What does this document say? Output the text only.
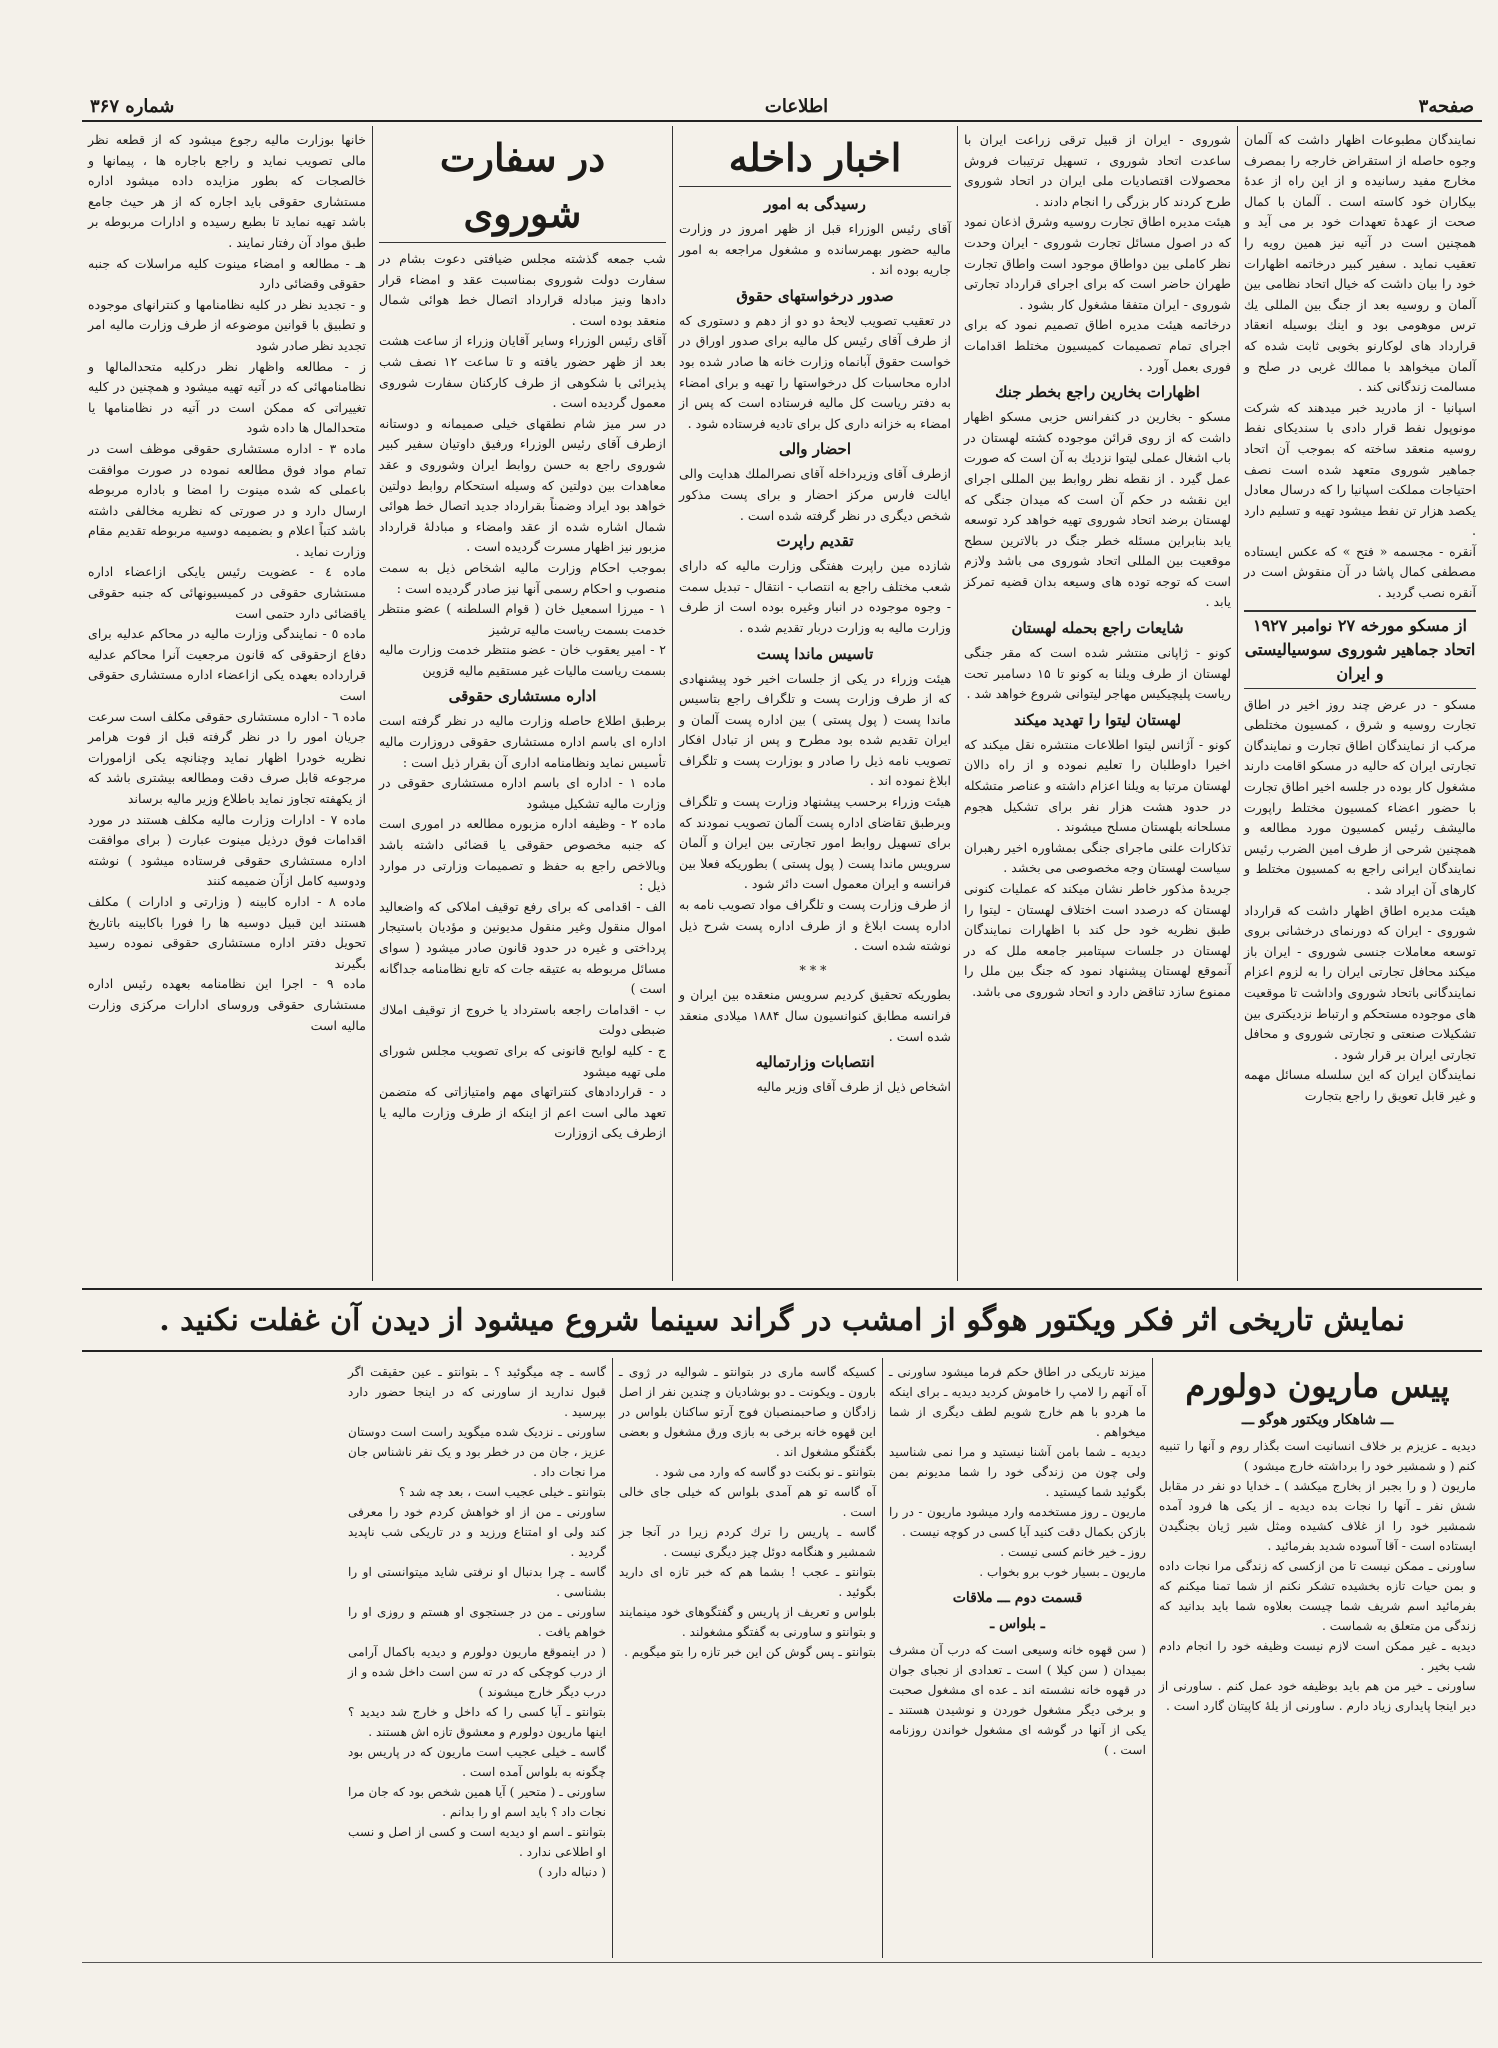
صفحه۳
اطلاعات
شماره ۳۶۷

نمایندگان مطبوعات اظهار داشت که آلمان وجوه حاصله از استقراض خارجه را بمصرف مخارج مفید رسانیده و از این راه از عدهٔ بیکاران خود کاسته است . آلمان با کمال صحت از عهدهٔ تعهدات خود بر می آید و همچنین است در آتیه نیز همین رویه را تعقیب نماید . سفیر کبیر درخاتمه اظهارات خود را بیان داشت که خیال اتحاد نظامی بین آلمان و روسیه بعد از جنگ بین المللی یك ترس موهومی بود و اینك بوسیله انعقاد قرارداد های لوکارنو بخوبی ثابت شده که آلمان میخواهد با ممالك غربی در صلح و مسالمت زندگانی کند .

اسپانیا - از مادرید خبر میدهند که شرکت مونوپول نفط قرار دادی با سندیکای نفط روسیه منعقد ساخته که بموجب آن اتحاد جماهیر شوروی متعهد شده است نصف احتیاجات مملکت اسپانیا را که درسال معادل یکصد هزار تن نفط میشود تهیه و تسلیم دارد .

آنقره - مجسمه « فتح » که عکس ایستاده مصطفی کمال پاشا در آن منقوش است در آنقره نصب گردید .

از مسکو مورخه ۲۷ نوامبر ۱۹۲۷ اتحاد جماهیر شوروی سوسیالیستی و ایران

مسکو - در عرض چند روز اخیر در اطاق تجارت روسیه و شرق ، کمسیون مختلطی مرکب از نمایندگان اطاق تجارت و نمایندگان تجارتی ایران که حالیه در مسکو اقامت دارند مشغول کار بوده در جلسه اخیر اطاق تجارت با حضور اعضاء کمسیون مختلط راپورت مالیشف رئیس کمسیون مورد مطالعه و همچنین شرحی از طرف امین الضرب رئیس نمایندگان ایرانی راجع به کمسیون مختلط و کارهای آن ایراد شد .

هیئت مدیره اطاق اظهار داشت که قرارداد شوروی - ایران که دورنمای درخشانی بروی توسعه معاملات جنسی شوروی - ایران باز میکند محافل تجارتی ایران را به لزوم اعزام نمایندگانی باتحاد شوروی واداشت تا موقعیت های موجوده مستحکم و ارتباط نزدیکتری بین تشکیلات صنعتی و تجارتی شوروی و محافل تجارتی ایران بر قرار شود .

نمایندگان ایران که این سلسله مسائل مهمه و غیر قابل تعویق را راجع بتجارت

شوروی - ایران از قبیل ترقی زراعت ایران با ساعدت اتحاد شوروی ، تسهیل ترتیبات فروش محصولات اقتصادیات ملی ایران در اتحاد شوروی طرح کردند کار بزرگی را انجام دادند .

هیئت مدیره اطاق تجارت روسیه وشرق اذعان نمود که در اصول مسائل تجارت شوروی - ایران وحدت نظر کاملی بین دواطاق موجود است واطاق تجارت طهران حاضر است که برای اجرای قرارداد تجارتی شوروی - ایران متفقا مشغول کار بشود .

درخاتمه هیئت مدیره اطاق تصمیم نمود که برای اجرای تمام تصمیمات کمیسیون مختلط اقدامات فوری بعمل آورد .

اظهارات بخارین راجع بخطر جنك

مسکو - بخارین در کنفرانس حزبی مسکو اظهار داشت که از روی قرائن موجوده کشته لهستان در باب اشغال عملی لیتوا نزدیك به آن است که صورت عمل گیرد . از نقطه نظر روابط بین المللی اجرای این نقشه در حکم آن است که میدان جنگی که لهستان برضد اتحاد شوروی تهیه خواهد کرد توسعه یابد بنابراین مسئله خطر جنگ در بالاترین سطح موقعیت بین المللی اتحاد شوروی می باشد ولازم است که توجه توده های وسیعه بدان قضیه تمرکز یابد .

شایعات راجع بحمله لهستان

کونو - ژاپانی منتشر شده است که مقر جنگی لهستان از طرف ویلنا به کونو تا ۱۵ دسامبر تحت ریاست پلیچیکیس مهاجر لیتوانی شروع خواهد شد .

لهستان لیتوا را تهدید میکند

کونو - آژانس لیتوا اطلاعات منتشره نقل میکند که اخیرا داوطلبان را تعلیم نموده و از راه دالان لهستان مرتبا به ویلنا اعزام داشته و عناصر متشکله در حدود هشت هزار نفر برای تشکیل هجوم مسلحانه بلهستان مسلح میشوند .

تذکارات علنی ماجرای جنگی بمشاوره اخیر رهبران سیاست لهستان وجه مخصوصی می بخشد .

جریدهٔ مذکور خاطر نشان میکند که عملیات کنونی لهستان که درصدد است اختلاف لهستان - لیتوا را طبق نظریه خود حل کند با اظهارات نمایندگان لهستان در جلسات سپتامبر جامعه ملل که در آنموقع لهستان پیشنهاد نمود که جنگ بین ملل را ممنوع سازد تناقض دارد و اتحاد شوروی می باشد.

اخبار داخله
رسیدگی به امور

آقای رئیس الوزراء قبل از ظهر امروز در وزارت مالیه حضور بهمرسانده و مشغول مراجعه به امور جاریه بوده اند .

صدور درخواستهای حقوق

در تعقیب تصویب لایحهٔ دو دو از دهم و دستوری که از طرف آقای رئیس کل مالیه برای صدور اوراق در خواست حقوق آبانماه وزارت خانه ها صادر شده بود اداره محاسبات کل درخواستها را تهیه و برای امضاء به دفتر ریاست کل مالیه فرستاده است که پس از امضاء به خزانه داری کل برای تادیه فرستاده شود .

احضار والی

ازطرف آقای وزیرداخله آقای نصرالملك هدایت والی ایالت فارس مرکز احضار و برای پست مذکور شخص دیگری در نظر گرفته شده است .

تقدیم راپرت

شازده مین راپرت هفتگی وزارت مالیه که دارای شعب مختلف راجع به انتصاب - انتقال - تبدیل سمت - وجوه موجوده در انبار وغیره بوده است از طرف وزارت مالیه به وزارت دربار تقدیم شده .

تاسیس ماندا پست

هیئت وزراء در یکی از جلسات اخیر خود پیشنهادی که از طرف وزارت پست و تلگراف راجع بتاسیس ماندا پست ( پول پستی ) بین اداره پست آلمان و ایران تقدیم شده بود مطرح و پس از تبادل افکار تصویب نامه ذیل را صادر و بوزارت پست و تلگراف ابلاغ نموده اند .

هیئت وزراء برحسب پیشنهاد وزارت پست و تلگراف وبرطبق تقاضای اداره پست آلمان تصویب نمودند که برای تسهیل روابط امور تجارتی بین ایران و آلمان سرویس ماندا پست ( پول پستی ) بطوریکه فعلا بین فرانسه و ایران معمول است دائر شود .

از طرف وزارت پست و تلگراف مواد تصویب نامه به اداره پست ابلاغ و از طرف اداره پست شرح ذیل نوشته شده است .

***

بطوریکه تحقیق کردیم سرویس منعقده بین ایران و فرانسه مطابق کنوانسیون سال ۱۸۸۴ میلادی منعقد شده است .

انتصابات وزارتمالیه

اشخاص ذیل از طرف آقای وزیر مالیه

در سفارت شوروی

شب جمعه گذشته مجلس ضیافتی دعوت بشام در سفارت دولت شوروی بمناسبت عقد و امضاء قرار دادها ونیز مبادله قرارداد اتصال خط هوائی شمال منعقد بوده است .

آقای رئیس الوزراء وسایر آقایان وزراء از ساعت هشت بعد از ظهر حضور یافته و تا ساعت ۱۲ نصف شب پذیرائی با شکوهی از طرف کارکنان سفارت شوروی معمول گردیده است .

در سر میز شام نطقهای خیلی صمیمانه و دوستانه ازطرف آقای رئیس الوزراء ورفیق داوتیان سفیر کبیر شوروی راجع به حسن روابط ایران وشوروی و عقد معاهدات بین دولتین که وسیله استحکام روابط دولتین خواهد بود ایراد وضمناً بقرارداد جدید اتصال خط هوائی شمال اشاره شده از عقد وامضاء و مبادلهٔ قرارداد مزبور نیز اظهار مسرت گردیده است .

بموجب احکام وزارت مالیه اشخاص ذیل به سمت منصوب و احکام رسمی آنها نیز صادر گردیده است :

۱ - میرزا اسمعیل خان ( قوام السلطنه ) عضو منتظر خدمت بسمت ریاست مالیه ترشیز

۲ - امیر یعقوب خان - عضو منتظر خدمت وزارت مالیه بسمت ریاست مالیات غیر مستقیم مالیه قزوین

اداره مستشاری حقوقی

برطبق اطلاع حاصله وزارت مالیه در نظر گرفته است اداره ای باسم اداره مستشاری حقوقی دروزارت مالیه تأسیس نماید ونظامنامه اداری آن بقرار ذیل است :

ماده ۱ - اداره ای باسم اداره مستشاری حقوقی در وزارت مالیه تشکیل میشود

ماده ۲ - وظیفه اداره مزبوره مطالعه در اموری است که جنبه مخصوص حقوقی یا قضائی داشته باشد وبالاخص راجع به حفظ و تصمیمات وزارتی در موارد ذیل :

الف - اقدامی که برای رفع توقیف املاکی که واضعالید اموال منقول وغیر منقول مدیونین و مؤدیان باستیجار پرداختی و غیره در حدود قانون صادر میشود ( سوای مسائل مربوطه به عتیقه جات که تابع نظامنامه جداگانه است )

ب - اقدامات راجعه باسترداد یا خروج از توقیف املاك ضبطی دولت

ج - کلیه لوایح قانونی که برای تصویب مجلس شورای ملی تهیه میشود

د - قراردادهای کنتراتهای مهم وامتیازاتی که متضمن تعهد مالی است اعم از اینکه از طرف وزارت مالیه یا ازطرف یکی ازوزارت

خانها بوزارت مالیه رجوع میشود که از قطعه نظر مالی تصویب نماید و راجع باجاره ها ، پیمانها و خالصجات که بطور مزایده داده میشود اداره مستشاری حقوقی باید اجاره که از هر حیث جامع باشد تهیه نماید تا بطبع رسیده و ادارات مربوطه بر طبق مواد آن رفتار نمایند .

هـ - مطالعه و امضاء مینوت کلیه مراسلات که جنبه حقوقی وقضائی دارد

و - تجدید نظر در کلیه نظامنامها و کنترانهای موجوده و تطبیق با قوانین موضوعه از طرف وزارت مالیه امر تجدید نظر صادر شود

ز - مطالعه واظهار نظر درکلیه متحدالمالها و نظامنامهائی که در آتیه تهیه میشود و همچنین در کلیه تغییراتی که ممکن است در آتیه در نظامنامها یا متحدالمال ها داده شود

ماده ۳ - اداره مستشاری حقوقی موظف است در تمام مواد فوق مطالعه نموده در صورت موافقت باعملی که شده مینوت را امضا و باداره مربوطه ارسال دارد و در صورتی که نظریه مخالفی داشته باشد کتباً اعلام و بضمیمه دوسیه مربوطه تقدیم مقام وزارت نماید .

ماده ٤ - عضویت رئیس یایکی ازاعضاء اداره مستشاری حقوقی در کمیسیونهائی که جنبه حقوقی یاقضائی دارد حتمی است

ماده ٥ - نمایندگی وزارت مالیه در محاکم عدلیه برای دفاع ازحقوقی که قانون مرجعیت آنرا محاکم عدلیه قرارداده بعهده یکی ازاعضاء اداره مستشاری حقوقی است

ماده ٦ - اداره مستشاری حقوقی مکلف است سرعت جریان امور را در نظر گرفته قبل از فوت هرامر نظریه خودرا اظهار نماید وچنانچه یکی ازامورات مرجوعه قابل صرف دقت ومطالعه بیشتری باشد که از یکهفته تجاوز نماید باطلاع وزیر مالیه برساند

ماده ۷ - ادارات وزارت مالیه مکلف هستند در مورد اقدامات فوق درذیل مینوت عبارت ( برای موافقت اداره مستشاری حقوقی فرستاده میشود ) نوشته ودوسیه کامل ازآن ضمیمه کنند

ماده ۸ - اداره کابینه ( وزارتی و ادارات ) مکلف هستند این قبیل دوسیه ها را فورا باکابینه باتاریخ تحویل دفتر اداره مستشاری حقوقی نموده رسید بگیرند

ماده ۹ - اجرا این نظامنامه بعهده رئیس اداره مستشاری حقوقی وروسای ادارات مرکزی وزارت مالیه است

نمایش تاریخی اثر فکر ویکتور هوگو از امشب در گراند سینما شروع میشود از دیدن آن غفلت نکنید .
پیس ماریون دولورم
ـــ شاهکار ویکتور هوگو ـــ

دیدیه ـ عزیزم بر خلاف انسانیت است بگذار روم و آنها را تنبیه کنم ( و شمشیر خود را برداشته خارج میشود )

ماریون ( و را بجبر از بخارج میکشد ) ـ خدایا دو نفر در مقابل شش نفر ـ آنها را نجات بده دیدیه ـ از یکی ها فرود آمده شمشیر خود را از غلاف کشیده ومثل شیر ژیان بجنگیدن ایستاده است - آقا آسوده شدید بفرمائید .

ساورنی ـ ممکن نیست تا من ازکسی که زندگی مرا نجات داده و بمن حیات تازه بخشیده تشکر نکنم از شما تمنا میکنم که بفرمائید اسم شریف شما چیست بعلاوه شما باید بدانید که زندگی من متعلق به شماست .

دیدیه ـ غیر ممکن است لازم نیست وظیفه خود را انجام دادم شب بخیر .

ساورنی ـ خیر من هم باید بوظیفه خود عمل کنم . ساورنی از دیر اینجا پایداری زیاد دارم . ساورنی از یلهٔ کاپیتان گارد است .

میزند تاریکی در اطاق حکم فرما میشود ساورنی ـ آه آنهم را لامپ را خاموش کردید دیدیه ـ برای اینکه ما هردو با هم خارج شویم لطف دیگری از شما میخواهم .

دیدیه ـ شما بامن آشنا نیستید و مرا نمی شناسید ولی چون من زندگی خود را شما مدیونم بمن بگوئید شما کیستید .

ماریون ـ روز مستخدمه وارد میشود ماریون - در را بازکن بکمال دقت کنید آیا کسی در کوچه نیست .

روز ـ خیر خانم کسی نیست .

ماریون ـ بسیار خوب برو بخواب .

قسمت دوم ـــ ملاقات
ـ بلواس ـ

( سن قهوه خانه وسیعی است که درب آن مشرف بمیدان ( سن کیلا ) است ـ تعدادی از نجبای جوان در قهوه خانه نشسته اند ـ عده ای مشغول صحبت و برخی دیگر مشغول خوردن و نوشیدن هستند ـ یکی از آنها در گوشه ای مشغول خواندن روزنامه است . )

کسیکه گاسه ماری در بتوانتو ـ شوالیه در ژوی ـ بارون ـ ویکونت ـ دو بوشادیان و چندین نفر از اصل زادگان و صاحبمنصبان فوج آرتو ساکنان بلواس در این قهوه خانه برخی به بازی ورق مشغول و بعضی بگفتگو مشغول اند .

بتوانتو ـ نو بکنت دو گاسه که وارد می شود .

آه گاسه تو هم آمدی بلواس که خیلی جای خالی است .

گاسه ـ پاریس را ترك کردم زیرا در آنجا جز شمشیر و هنگامه دوئل چیز دیگری نیست .

بتوانتو ـ عجب ! بشما هم که خبر تازه ای دارید بگوئید .

بلواس و تعریف از پاریس و گفتگوهای خود مینمایند و بتوانتو و ساورنی به گفتگو مشغولند .

بتوانتو ـ پس گوش کن این خبر تازه را بتو میگویم .

گاسه ـ چه میگوئید ؟ ـ بتوانتو ـ عین حقیقت اگر قبول ندارید از ساورنی که در اینجا حضور دارد بپرسید .

ساورنی ـ نزدیک شده میگوید راست است دوستان عزیز ، جان من در خطر بود و یک نفر ناشناس جان مرا نجات داد .

بتوانتو ـ خیلی عجیب است ، بعد چه شد ؟

ساورنی ـ من از او خواهش کردم خود را معرفی کند ولی او امتناع ورزید و در تاریکی شب ناپدید گردید .

گاسه ـ چرا بدنبال او نرفتی شاید میتوانستی او را بشناسی .

ساورنی ـ من در جستجوی او هستم و روزی او را خواهم یافت .

( در اینموقع ماریون دولورم و دیدیه باکمال آرامی از درب کوچکی که در ته سن است داخل شده و از درب دیگر خارج میشوند )

بتوانتو ـ آیا کسی را که داخل و خارج شد دیدید ؟ اینها ماریون دولورم و معشوق تازه اش هستند .

گاسه ـ خیلی عجیب است ماریون که در پاریس بود چگونه به بلواس آمده است .

ساورنی ـ ( متحیر ) آیا همین شخص بود که جان مرا نجات داد ؟ باید اسم او را بدانم .

بتوانتو ـ اسم او دیدیه است و کسی از اصل و نسب او اطلاعی ندارد .

( دنباله دارد )
